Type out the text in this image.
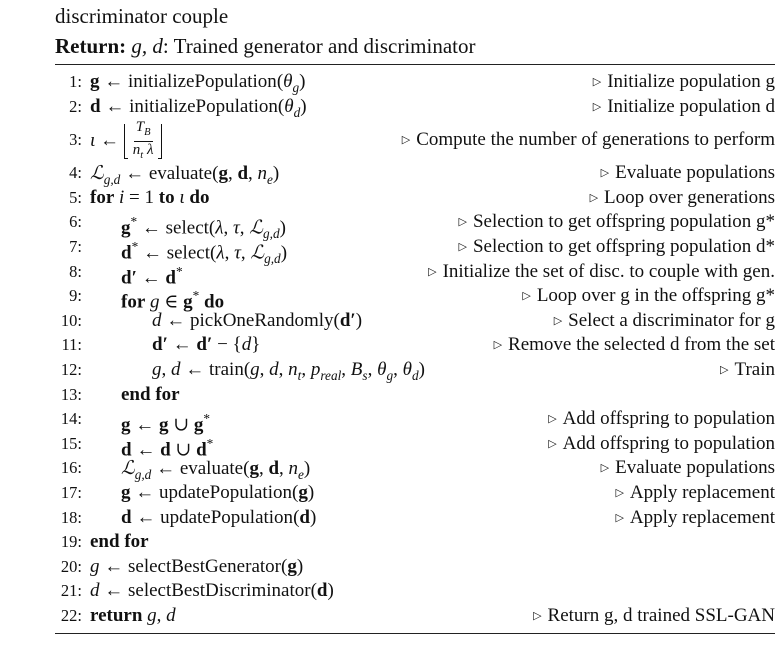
discriminator couple
Return: g, d: Trained generator and discriminator
1: g ← $initializePopulation(\theta_g)$	▷ Initialize population g
2: d ← $initializePopulation(\theta_d)$	▷ Initialize population d
3: ι ← $\frac{T_B}{n_t \lambda}$	▷ Compute the number of generations to perform
4: ℒ$_{g,d}$ ← evaluate(g, d, $n_e$)	▷ Evaluate populations
5: for i = 1 to ι do	▷ Loop over generations
6: g* ← select(λ, τ, ℒ$_{g,d}$)	▷ Selection to get offspring population g*
7: d* ← select(λ, τ, ℒ$_{g,d}$)	▷ Selection to get offspring population d*
8: d′ ← d*	▷ Initialize the set of disc. to couple with gen.
9: for g ∈ g* do	▷ Loop over g in the offspring g*
10:	d ← pickOneRandomly(d′)	▷ Select a discriminator for g
11:	d′ ← d′ − {d}	▷ Remove the selected d from the set
12:	g, d ← train(g, d, $n_t$, $p_{real}$, $B_s$, $\theta_g$, $\theta_d$)	▷ Train
13: end for
14: g ← g ∪ g*	▷ Add offspring to population
15: d ← d ∪ d*	▷ Add offspring to population
16: ℒ$_{g,d}$ ← evaluate(g, d, $n_e$)	▷ Evaluate populations
17: g ← updatePopulation(g)	▷ Apply replacement
18: d ← updatePopulation(d)	▷ Apply replacement
19: end for
20: g ← selectBestGenerator(g)
21: d ← selectBestDiscriminator(d)
22: return g, d	▷ Return g, d trained SSL-GAN
